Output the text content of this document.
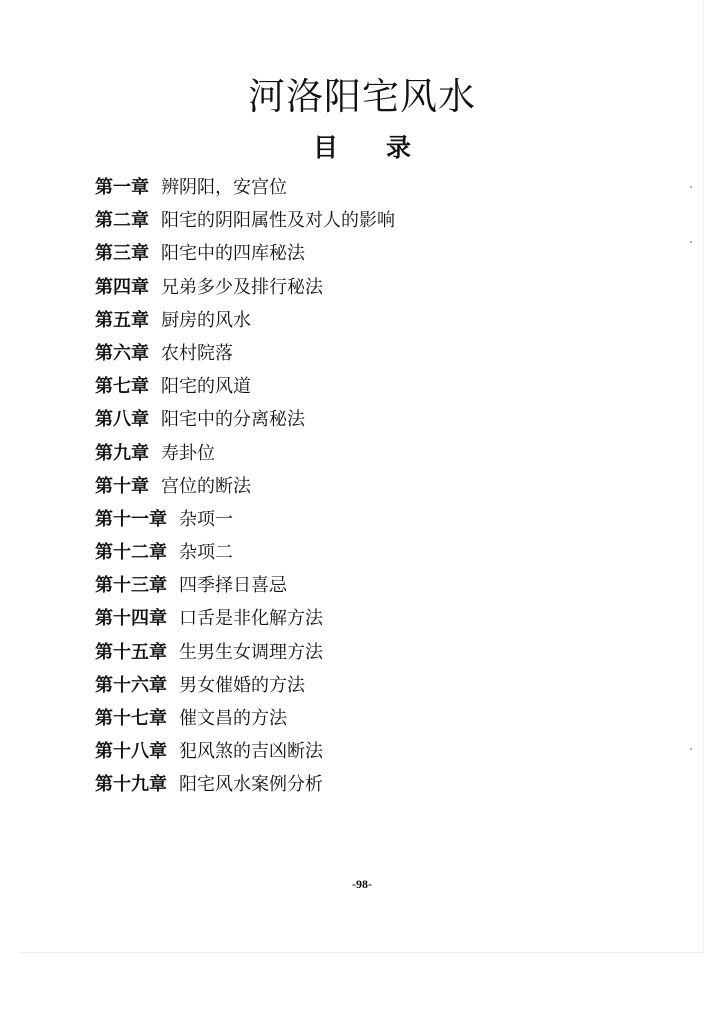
河洛阳宅风水
目 录
第一章 辨阴阳，安宫位
第二章 阳宅的阴阳属性及对人的影响
第三章 阳宅中的四库秘法
第四章 兄弟多少及排行秘法
第五章 厨房的风水
第六章 农村院落
第七章 阳宅的风道
第八章 阳宅中的分离秘法
第九章 寿卦位
第十章 宫位的断法
第十一章 杂项一
第十二章 杂项二
第十三章 四季择日喜忌
第十四章 口舌是非化解方法
第十五章 生男生女调理方法
第十六章 男女催婚的方法
第十七章 催文昌的方法
第十八章 犯风煞的吉凶断法
第十九章 阳宅风水案例分析
-98-
